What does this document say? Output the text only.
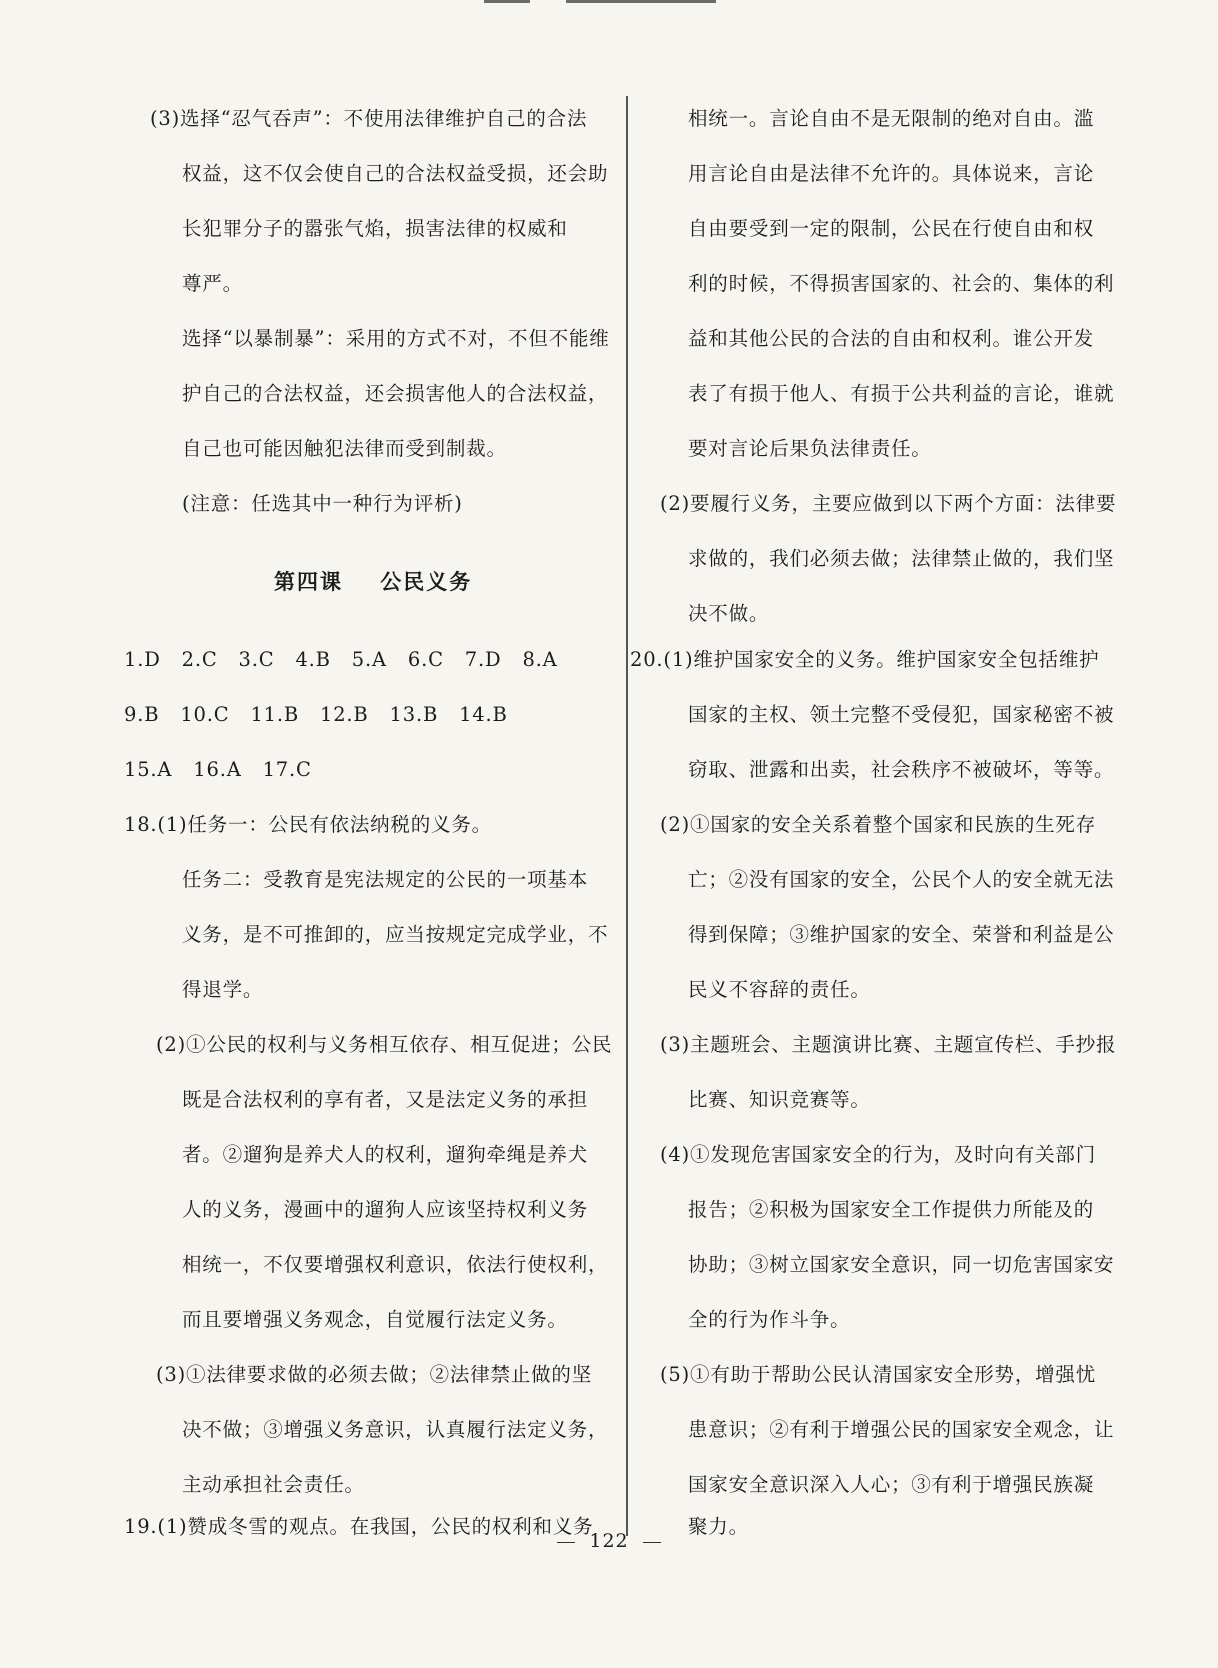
(3)选择“忍气吞声”：不使用法律维护自己的合法
权益，这不仅会使自己的合法权益受损，还会助
长犯罪分子的嚣张气焰，损害法律的权威和
尊严。
选择“以暴制暴”：采用的方式不对，不但不能维
护自己的合法权益，还会损害他人的合法权益，
自己也可能因触犯法律而受到制裁。
(注意：任选其中一种行为评析)
第四课    公民义务
1.D   2.C   3.C   4.B   5.A   6.C   7.D   8.A
9.B   10.C   11.B   12.B   13.B   14.B
15.A   16.A   17.C
18.(1)任务一：公民有依法纳税的义务。
任务二：受教育是宪法规定的公民的一项基本
义务，是不可推卸的，应当按规定完成学业，不
得退学。
(2)①公民的权利与义务相互依存、相互促进；公民
既是合法权利的享有者，又是法定义务的承担
者。②遛狗是养犬人的权利，遛狗牵绳是养犬
人的义务，漫画中的遛狗人应该坚持权利义务
相统一，不仅要增强权利意识，依法行使权利，
而且要增强义务观念，自觉履行法定义务。
(3)①法律要求做的必须去做；②法律禁止做的坚
决不做；③增强义务意识，认真履行法定义务，
主动承担社会责任。
19.(1)赞成冬雪的观点。在我国，公民的权利和义务
相统一。言论自由不是无限制的绝对自由。滥
用言论自由是法律不允许的。具体说来，言论
自由要受到一定的限制，公民在行使自由和权
利的时候，不得损害国家的、社会的、集体的利
益和其他公民的合法的自由和权利。谁公开发
表了有损于他人、有损于公共利益的言论，谁就
要对言论后果负法律责任。
(2)要履行义务，主要应做到以下两个方面：法律要
求做的，我们必须去做；法律禁止做的，我们坚
决不做。
20.(1)维护国家安全的义务。维护国家安全包括维护
国家的主权、领土完整不受侵犯，国家秘密不被
窃取、泄露和出卖，社会秩序不被破坏，等等。
(2)①国家的安全关系着整个国家和民族的生死存
亡；②没有国家的安全，公民个人的安全就无法
得到保障；③维护国家的安全、荣誉和利益是公
民义不容辞的责任。
(3)主题班会、主题演讲比赛、主题宣传栏、手抄报
比赛、知识竞赛等。
(4)①发现危害国家安全的行为，及时向有关部门
报告；②积极为国家安全工作提供力所能及的
协助；③树立国家安全意识，同一切危害国家安
全的行为作斗争。
(5)①有助于帮助公民认清国家安全形势，增强忧
患意识；②有利于增强公民的国家安全观念，让
国家安全意识深入人心；③有利于增强民族凝
聚力。
122
